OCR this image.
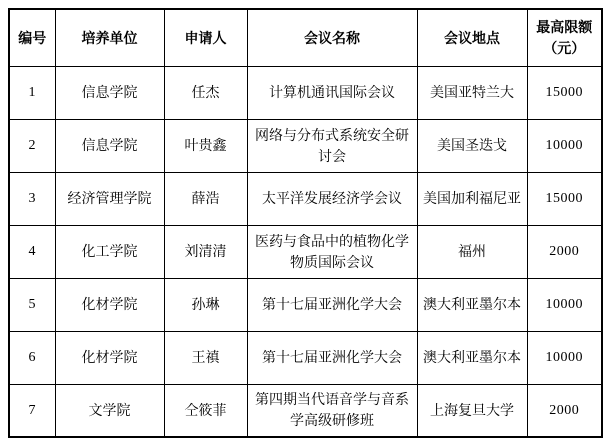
编号	培养单位	申请人	会议名称	会议地点	最高限额（元）
1	信息学院	任杰	计算机通讯国际会议	美国亚特兰大	15000
2	信息学院	叶贵鑫	网络与分布式系统安全研讨会	美国圣迭戈	10000
3	经济管理学院	薛浩	太平洋发展经济学会议	美国加利福尼亚	15000
4	化工学院	刘清清	医药与食品中的植物化学物质国际会议	福州	2000
5	化材学院	孙琳	第十七届亚洲化学大会	澳大利亚墨尔本	10000
6	化材学院	王禛	第十七届亚洲化学大会	澳大利亚墨尔本	10000
7	文学院	仝筱菲	第四期当代语音学与音系学高级研修班	上海复旦大学	2000
